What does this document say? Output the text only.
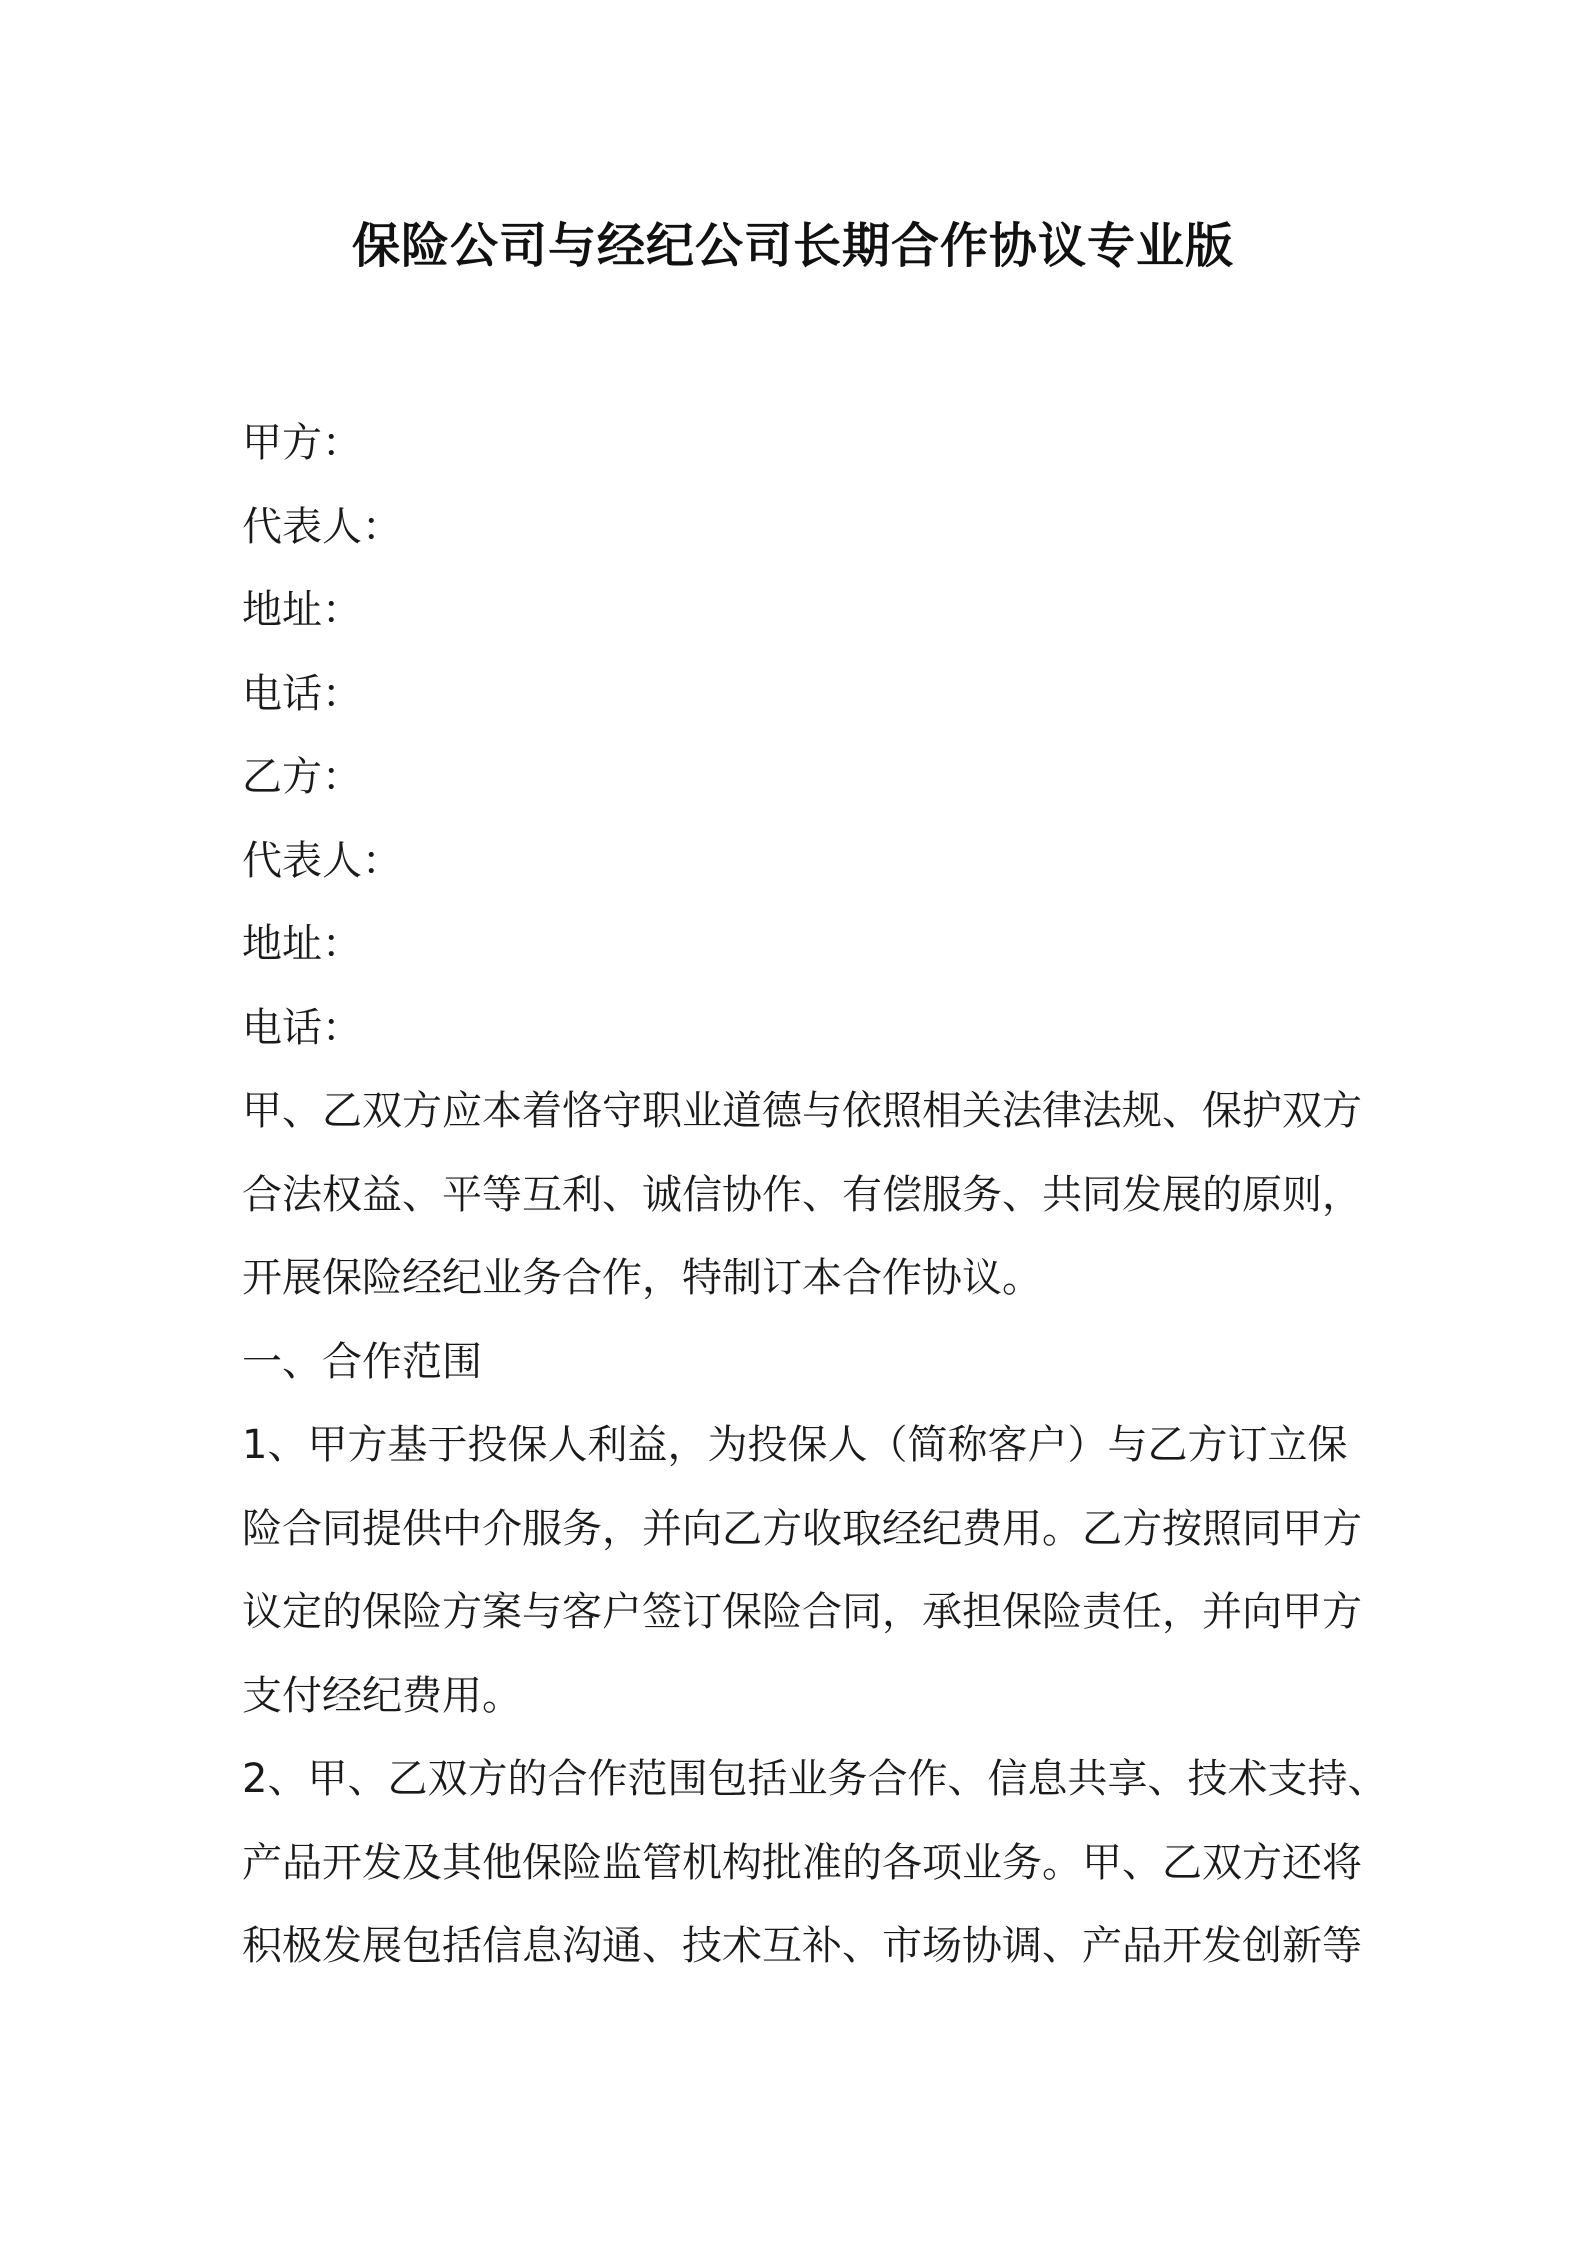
保险公司与经纪公司长期合作协议专业版
甲方：
代表人：
地址：
电话：
乙方：
代表人：
地址：
电话：
甲、乙双方应本着恪守职业道德与依照相关法律法规、保护双方
合法权益、平等互利、诚信协作、有偿服务、共同发展的原则，
开展保险经纪业务合作，特制订本合作协议。
一、合作范围
1、甲方基于投保人利益，为投保人（简称客户）与乙方订立保
险合同提供中介服务，并向乙方收取经纪费用。乙方按照同甲方
议定的保险方案与客户签订保险合同，承担保险责任，并向甲方
支付经纪费用。
2、甲、乙双方的合作范围包括业务合作、信息共享、技术支持、
产品开发及其他保险监管机构批准的各项业务。甲、乙双方还将
积极发展包括信息沟通、技术互补、市场协调、产品开发创新等
